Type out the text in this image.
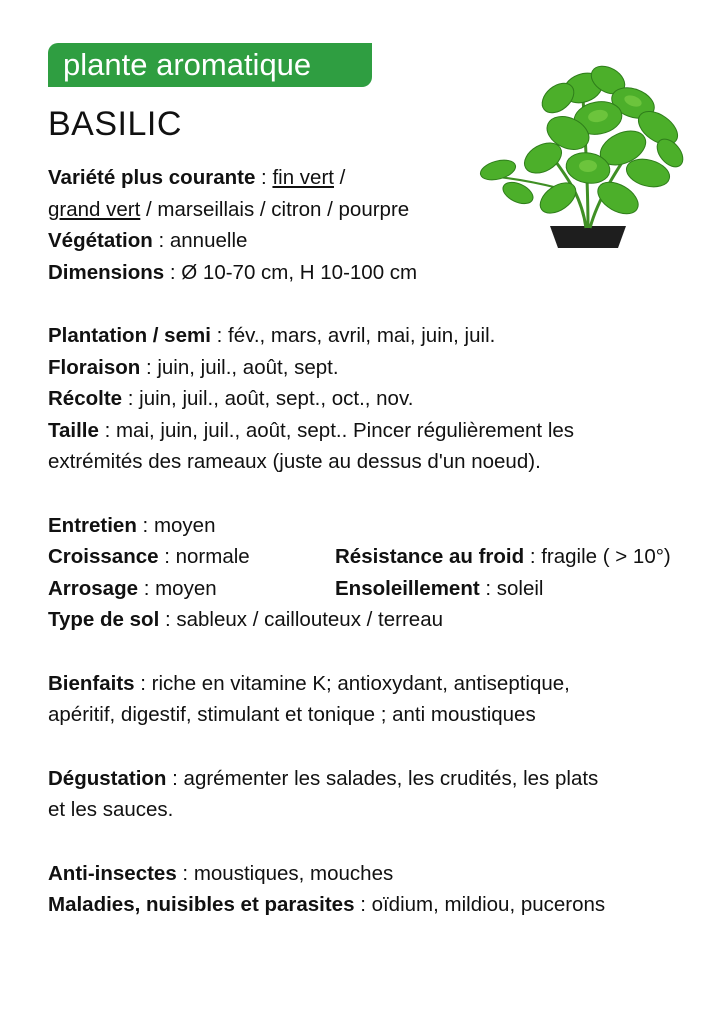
plante aromatique
BASILIC
Variété plus courante : fin vert /
grand vert / marseillais / citron / pourpre
Végétation : annuelle
Dimensions : Ø 10-70 cm, H 10-100 cm
Plantation / semi : fév., mars, avril, mai, juin, juil.
Floraison : juin, juil., août, sept.
Récolte : juin, juil., août, sept., oct., nov.
Taille : mai, juin, juil., août, sept.. Pincer régulièrement les
extrémités des rameaux (juste au dessus d'un noeud).
Entretien : moyen
Croissance : normale	Résistance au froid : fragile ( > 10°)
Arrosage : moyen	Ensoleillement : soleil
Type de sol : sableux / caillouteux / terreau
Bienfaits : riche en vitamine K; antioxydant, antiseptique,
apéritif, digestif, stimulant et tonique ; anti moustiques
Dégustation : agrémenter les salades, les crudités, les plats
et les sauces.
Anti-insectes : moustiques, mouches
Maladies, nuisibles et parasites : oïdium, mildiou, pucerons
